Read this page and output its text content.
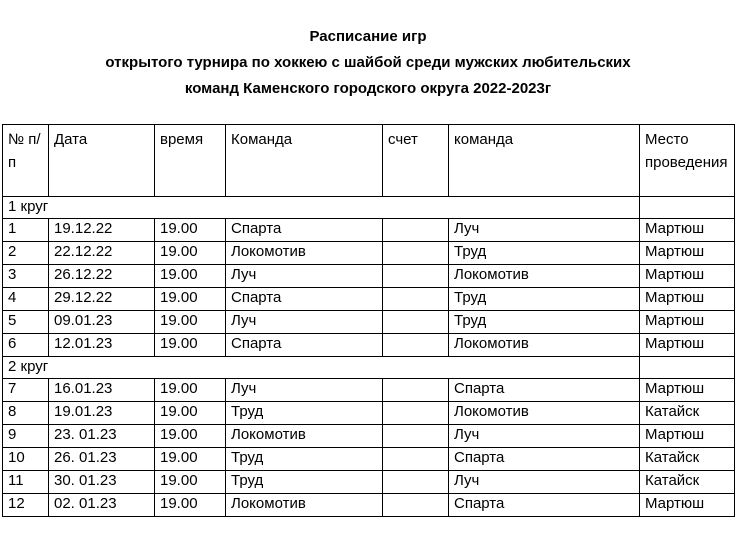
Расписание игр
открытого турнира по хоккею с шайбой среди мужских любительских
команд Каменского городского округа 2022-2023г
№ п/п	Дата	время	Команда	счет	команда	Место проведения
1 круг						
1	19.12.22	19.00	Спарта		Луч	Мартюш
2	22.12.22	19.00	Локомотив		Труд	Мартюш
3	26.12.22	19.00	Луч		Локомотив	Мартюш
4	29.12.22	19.00	Спарта		Труд	Мартюш
5	09.01.23	19.00	Луч		Труд	Мартюш
6	12.01.23	19.00	Спарта		Локомотив	Мартюш
2 круг						
7	16.01.23	19.00	Луч		Спарта	Мартюш
8	19.01.23	19.00	Труд		Локомотив	Катайск
9	23. 01.23	19.00	Локомотив		Луч	Мартюш
10	26. 01.23	19.00	Труд		Спарта	Катайск
11	30. 01.23	19.00	Труд		Луч	Катайск
12	02. 01.23	19.00	Локомотив		Спарта	Мартюш
